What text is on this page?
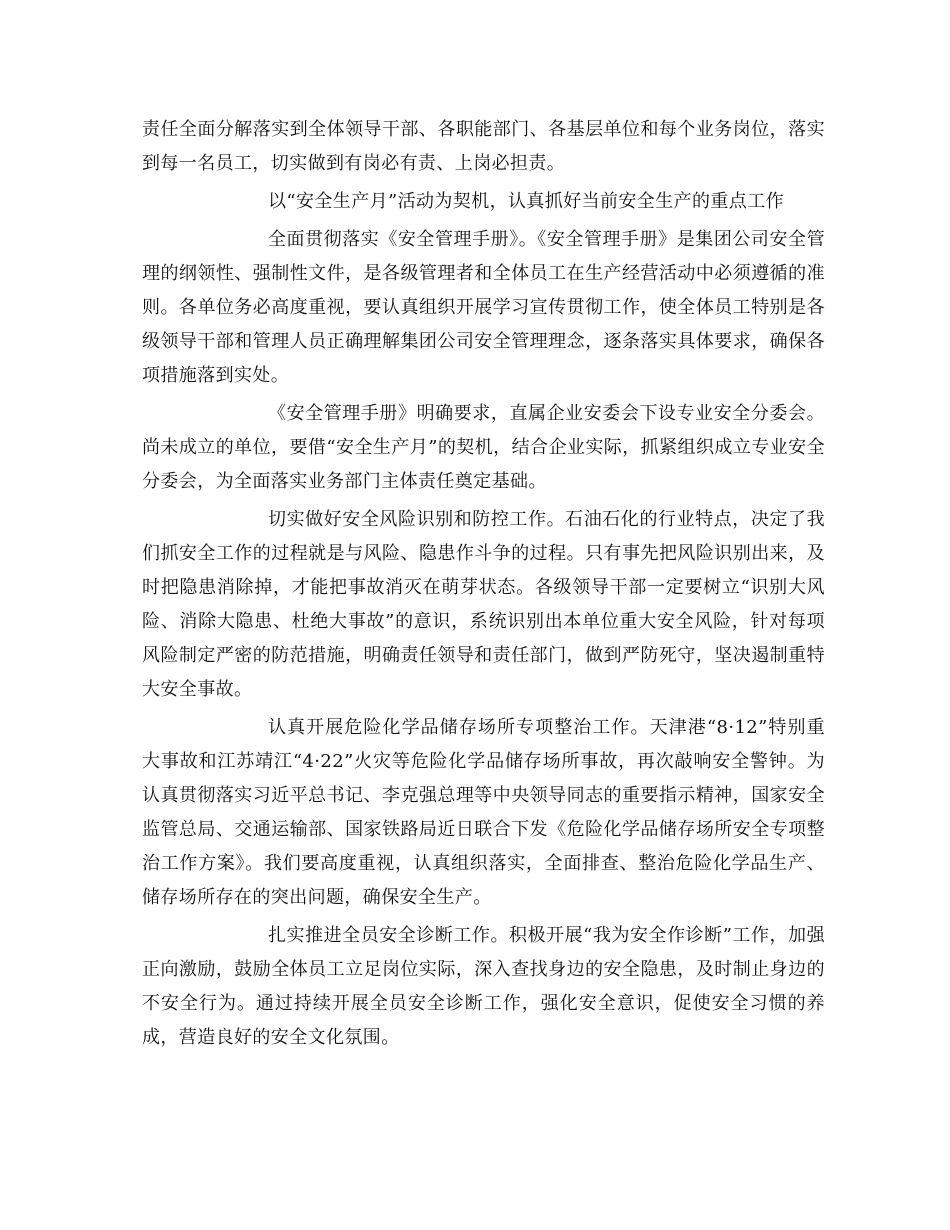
责任全面分解落实到全体领导干部、各职能部门、各基层单位和每个业务岗位，落实到每一名员工，切实做到有岗必有责、上岗必担责。

以“安全生产月”活动为契机，认真抓好当前安全生产的重点工作

全面贯彻落实《安全管理手册》。《安全管理手册》是集团公司安全管理的纲领性、强制性文件，是各级管理者和全体员工在生产经营活动中必须遵循的准则。各单位务必高度重视，要认真组织开展学习宣传贯彻工作，使全体员工特别是各级领导干部和管理人员正确理解集团公司安全管理理念，逐条落实具体要求，确保各项措施落到实处。

《安全管理手册》明确要求，直属企业安委会下设专业安全分委会。尚未成立的单位，要借“安全生产月”的契机，结合企业实际，抓紧组织成立专业安全分委会，为全面落实业务部门主体责任奠定基础。

切实做好安全风险识别和防控工作。石油石化的行业特点，决定了我们抓安全工作的过程就是与风险、隐患作斗争的过程。只有事先把风险识别出来，及时把隐患消除掉，才能把事故消灭在萌芽状态。各级领导干部一定要树立“识别大风险、消除大隐患、杜绝大事故”的意识，系统识别出本单位重大安全风险，针对每项风险制定严密的防范措施，明确责任领导和责任部门，做到严防死守，坚决遏制重特大安全事故。

认真开展危险化学品储存场所专项整治工作。天津港“8·12”特别重大事故和江苏靖江“4·22”火灾等危险化学品储存场所事故，再次敲响安全警钟。为认真贯彻落实习近平总书记、李克强总理等中央领导同志的重要指示精神，国家安全监管总局、交通运输部、国家铁路局近日联合下发《危险化学品储存场所安全专项整治工作方案》。我们要高度重视，认真组织落实，全面排查、整治危险化学品生产、储存场所存在的突出问题，确保安全生产。

扎实推进全员安全诊断工作。积极开展“我为安全作诊断”工作，加强正向激励，鼓励全体员工立足岗位实际，深入查找身边的安全隐患，及时制止身边的不安全行为。通过持续开展全员安全诊断工作，强化安全意识，促使安全习惯的养成，营造良好的安全文化氛围。
